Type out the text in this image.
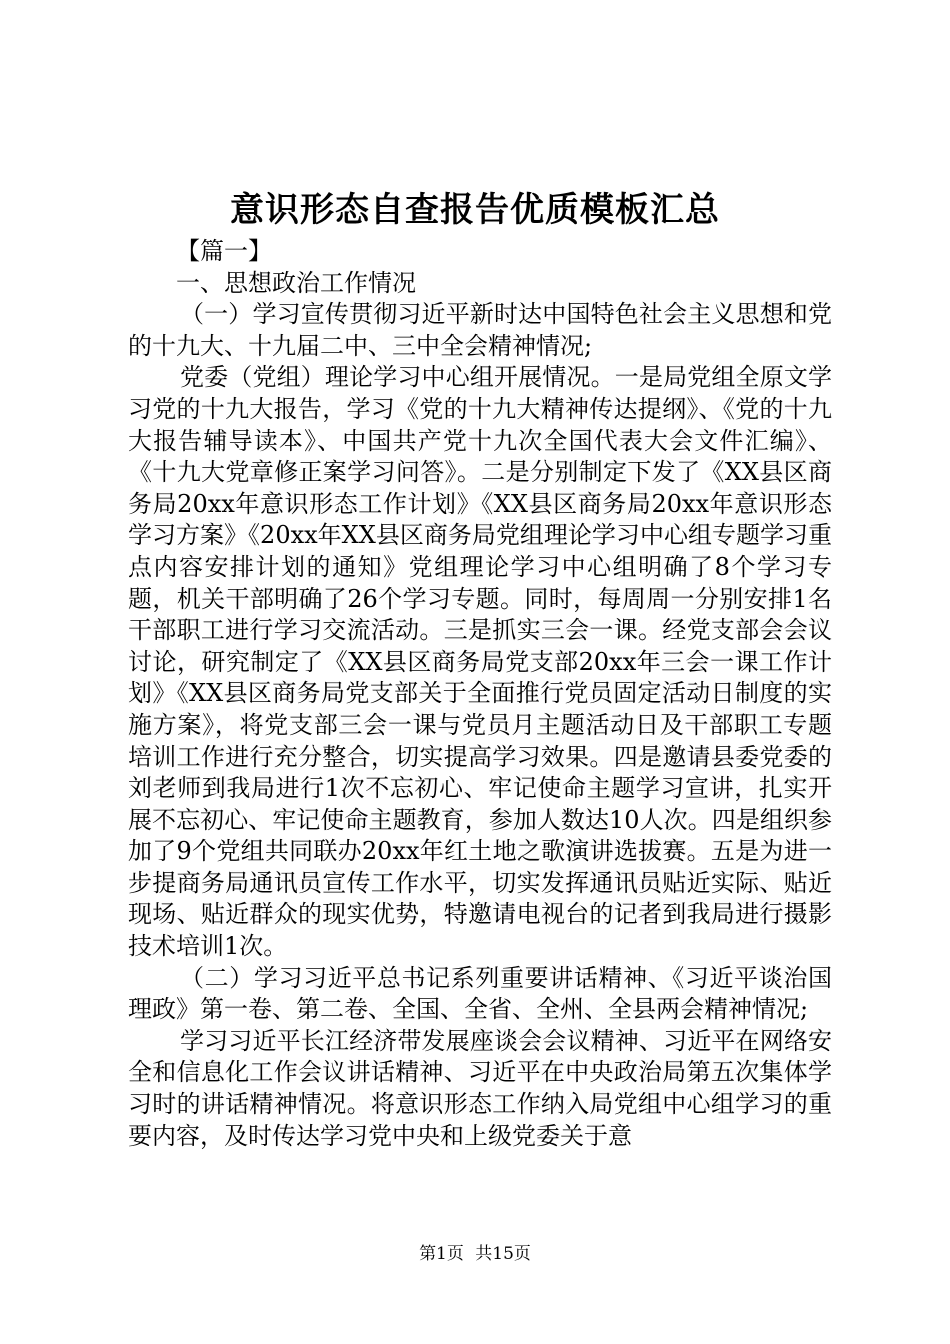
意识形态自查报告优质模板汇总

【篇一】

一、思想政治工作情况

（一）学习宣传贯彻习近平新时达中国特色社会主义思想和党的十九大、十九届二中、三中全会精神情况;

党委（党组）理论学习中心组开展情况。一是局党组全原文学习党的十九大报告，学习《党的十九大精神传达提纲》、《党的十九大报告辅导读本》、中国共产党十九次全国代表大会文件汇编》、《十九大党章修正案学习问答》。二是分别制定下发了《XX县区商务局20xx年意识形态工作计划》《XX县区商务局20xx年意识形态学习方案》《20xx年XX县区商务局党组理论学习中心组专题学习重点内容安排计划的通知》党组理论学习中心组明确了8个学习专题，机关干部明确了26个学习专题。同时，每周周一分别安排1名干部职工进行学习交流活动。三是抓实三会一课。经党支部会会议讨论，研究制定了《XX县区商务局党支部20xx年三会一课工作计划》《XX县区商务局党支部关于全面推行党员固定活动日制度的实施方案》，将党支部三会一课与党员月主题活动日及干部职工专题培训工作进行充分整合，切实提高学习效果。四是邀请县委党委的刘老师到我局进行1次不忘初心、牢记使命主题学习宣讲，扎实开展不忘初心、牢记使命主题教育，参加人数达10人次。四是组织参加了9个党组共同联办20xx年红土地之歌演讲选拔赛。五是为进一步提商务局通讯员宣传工作水平，切实发挥通讯员贴近实际、贴近现场、贴近群众的现实优势，特邀请电视台的记者到我局进行摄影技术培训1次。

（二）学习习近平总书记系列重要讲话精神、《习近平谈治国理政》第一卷、第二卷、全国、全省、全州、全县两会精神情况;

学习习近平长江经济带发展座谈会会议精神、习近平在网络安全和信息化工作会议讲话精神、习近平在中央政治局第五次集体学习时的讲话精神情况。将意识形态工作纳入局党组中心组学习的重要内容，及时传达学习党中央和上级党委关于意

第1页 共15页
